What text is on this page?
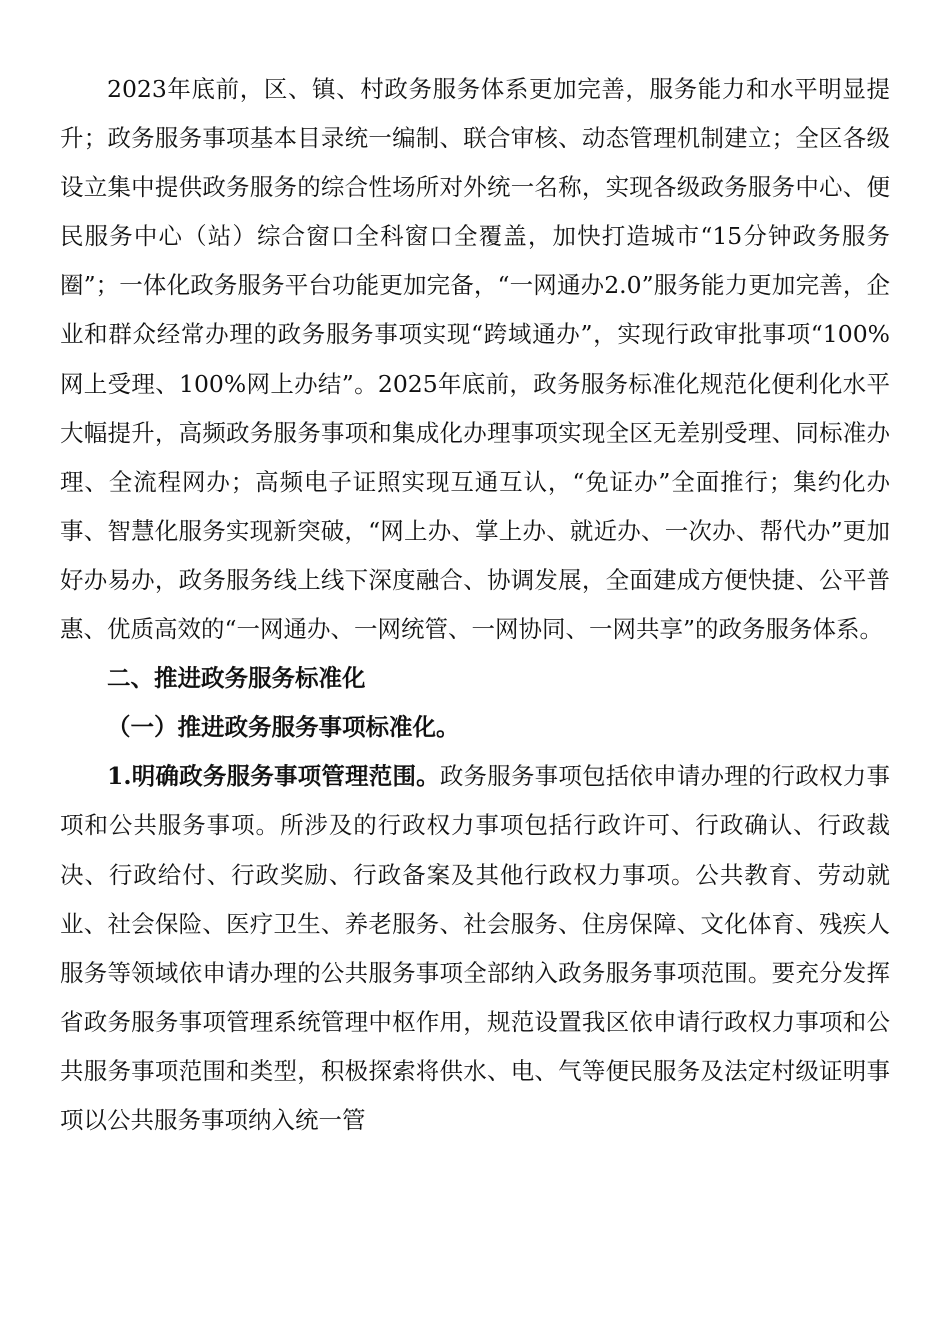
2023年底前，区、镇、村政务服务体系更加完善，服务能力和水平明显提升；政务服务事项基本目录统一编制、联合审核、动态管理机制建立；全区各级设立集中提供政务服务的综合性场所对外统一名称，实现各级政务服务中心、便民服务中心（站）综合窗口全科窗口全覆盖，加快打造城市“15分钟政务服务圈”；一体化政务服务平台功能更加完备，“一网通办2.0”服务能力更加完善，企业和群众经常办理的政务服务事项实现“跨域通办”，实现行政审批事项“100%网上受理、100%网上办结”。2025年底前，政务服务标准化规范化便利化水平大幅提升，高频政务服务事项和集成化办理事项实现全区无差别受理、同标准办理、全流程网办；高频电子证照实现互通互认，“免证办”全面推行；集约化办事、智慧化服务实现新突破，“网上办、掌上办、就近办、一次办、帮代办”更加好办易办，政务服务线上线下深度融合、协调发展，全面建成方便快捷、公平普惠、优质高效的“一网通办、一网统管、一网协同、一网共享”的政务服务体系。

二、推进政务服务标准化

（一）推进政务服务事项标准化。

1.明确政务服务事项管理范围。政务服务事项包括依申请办理的行政权力事项和公共服务事项。所涉及的行政权力事项包括行政许可、行政确认、行政裁决、行政给付、行政奖励、行政备案及其他行政权力事项。公共教育、劳动就业、社会保险、医疗卫生、养老服务、社会服务、住房保障、文化体育、残疾人服务等领域依申请办理的公共服务事项全部纳入政务服务事项范围。要充分发挥省政务服务事项管理系统管理中枢作用，规范设置我区依申请行政权力事项和公共服务事项范围和类型，积极探索将供水、电、气等便民服务及法定村级证明事项以公共服务事项纳入统一管
